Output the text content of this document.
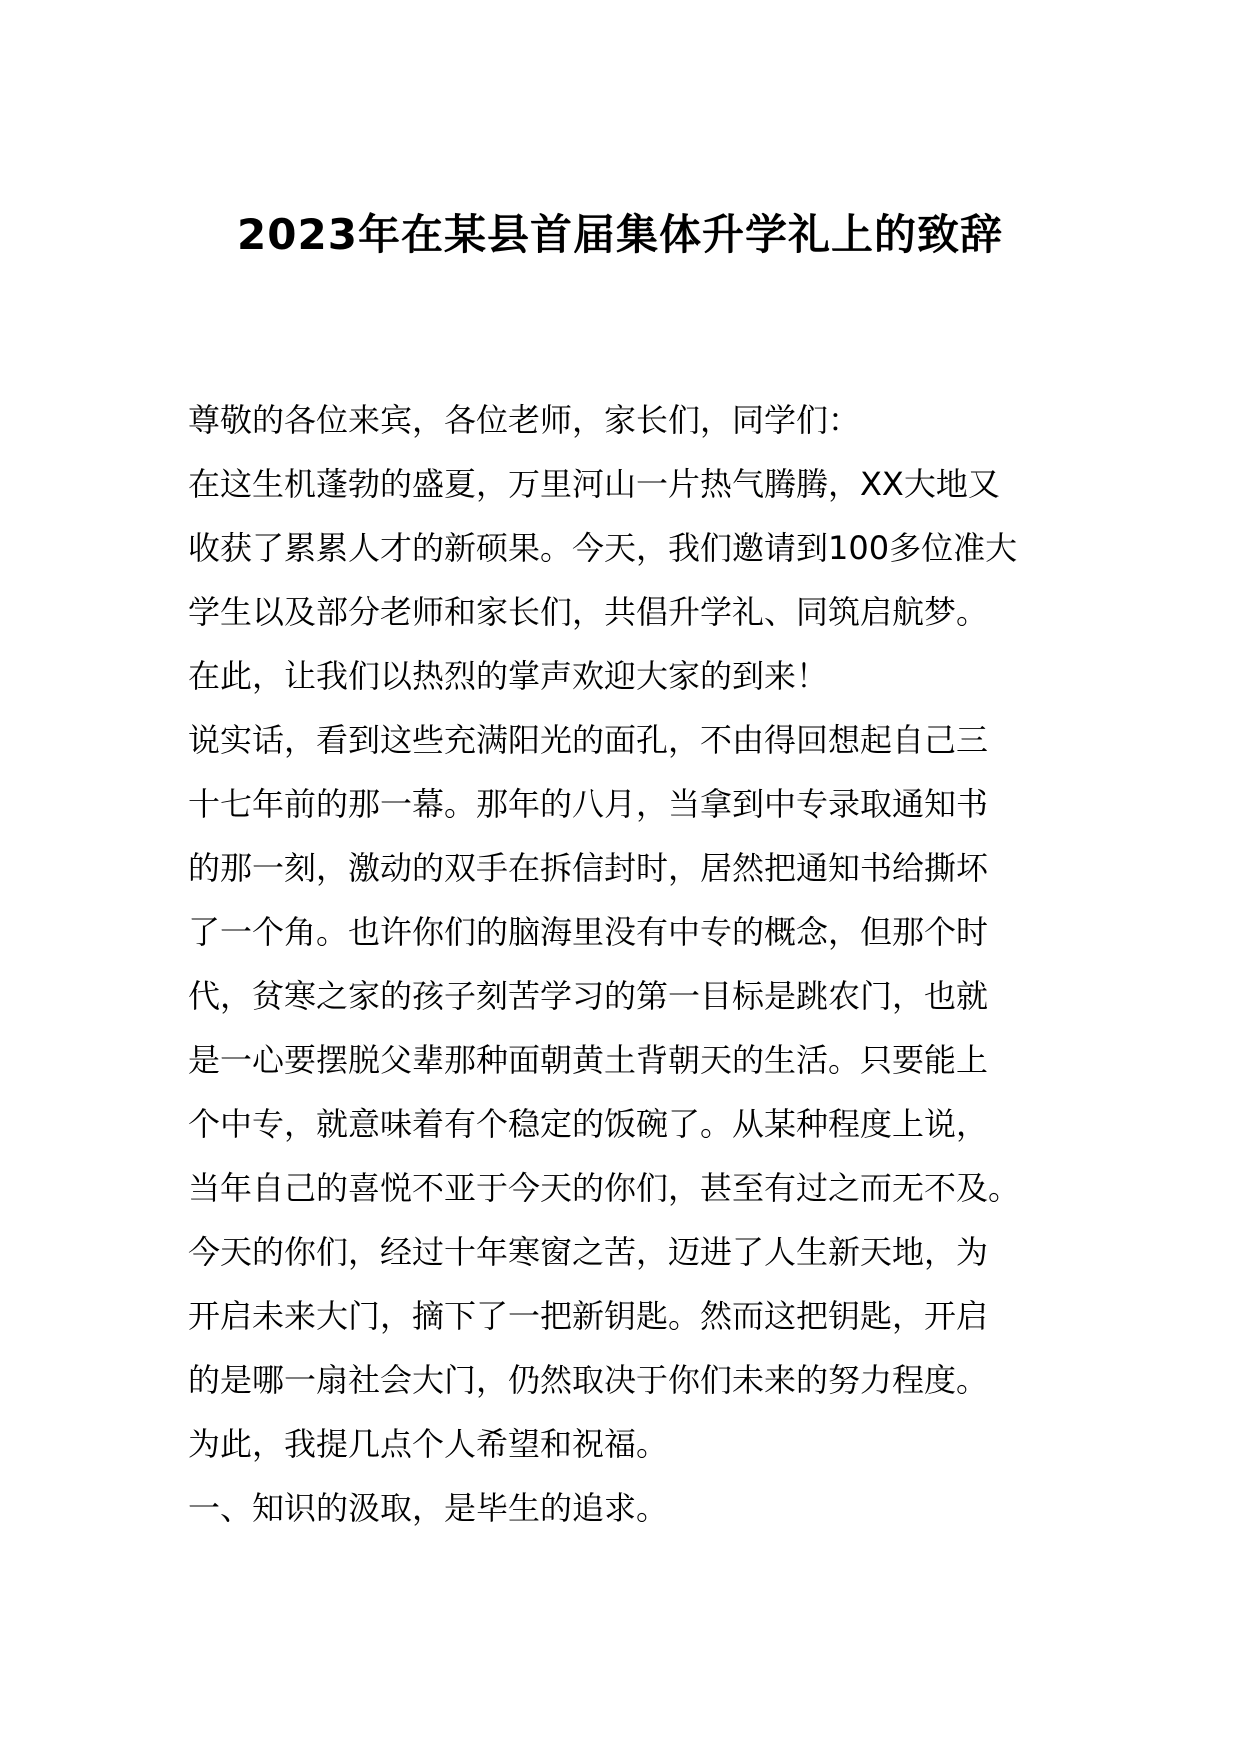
2023年在某县首届集体升学礼上的致辞
尊敬的各位来宾，各位老师，家长们，同学们：
在这生机蓬勃的盛夏，万里河山一片热气腾腾，XX大地又
收获了累累人才的新硕果。今天，我们邀请到100多位准大
学生以及部分老师和家长们，共倡升学礼、同筑启航梦。
在此，让我们以热烈的掌声欢迎大家的到来！
说实话，看到这些充满阳光的面孔，不由得回想起自己三
十七年前的那一幕。那年的八月，当拿到中专录取通知书
的那一刻，激动的双手在拆信封时，居然把通知书给撕坏
了一个角。也许你们的脑海里没有中专的概念，但那个时
代，贫寒之家的孩子刻苦学习的第一目标是跳农门，也就
是一心要摆脱父辈那种面朝黄土背朝天的生活。只要能上
个中专，就意味着有个稳定的饭碗了。从某种程度上说，
当年自己的喜悦不亚于今天的你们，甚至有过之而无不及。
今天的你们，经过十年寒窗之苦，迈进了人生新天地，为
开启未来大门，摘下了一把新钥匙。然而这把钥匙，开启
的是哪一扇社会大门，仍然取决于你们未来的努力程度。
为此，我提几点个人希望和祝福。
一、知识的汲取，是毕生的追求。
